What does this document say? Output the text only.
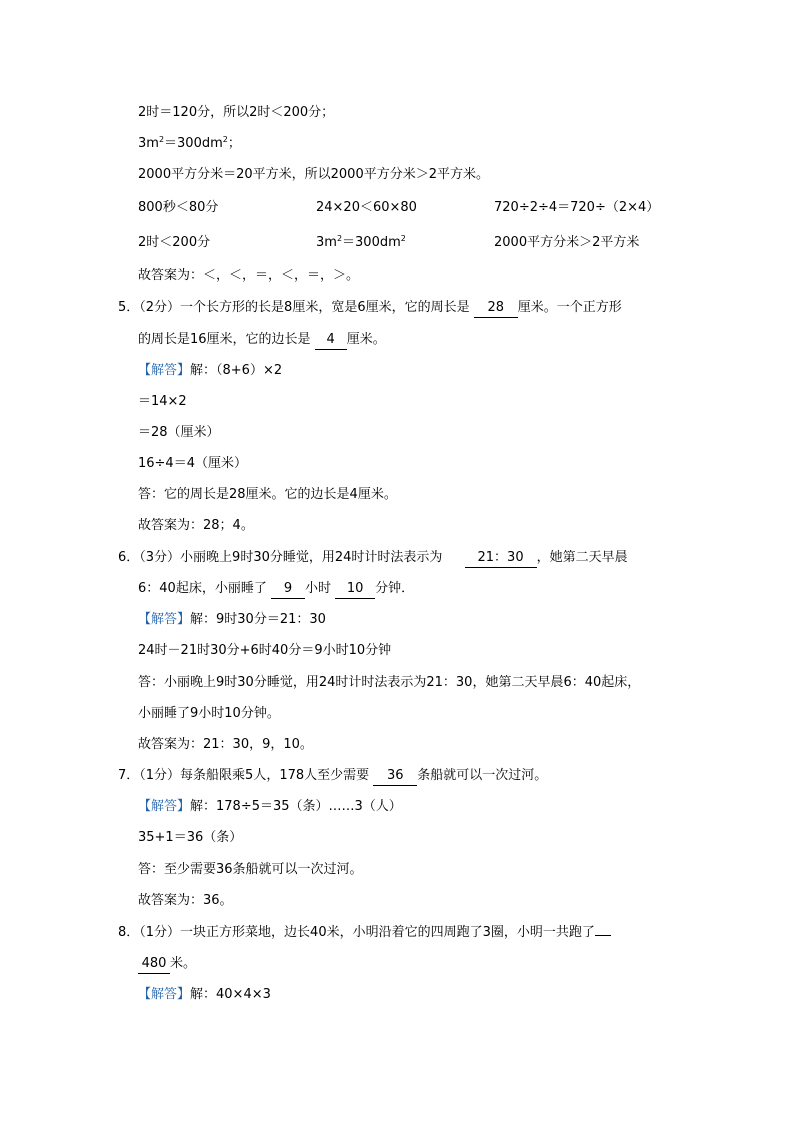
2时＝120分，所以2时＜200分；
$3m^2=300dm^2$；
2000平方分米＝20平方米，所以2000平方分米＞2平方米。
800秒＜80分	24×20＜60×80	720÷2÷4＝720÷（2×4）
2时＜200分	$3m^2=300dm^2$	2000平方分米＞2平方米
故答案为：＜，＜，＝，＜，＝，＞。
5．（2分）一个长方形的长是8厘米，宽是6厘米，它的周长是 28 厘米。一个正方形
的周长是16厘米，它的边长是 4 厘米。
【解答】解：（8+6）×2
＝14×2
＝28（厘米）
16÷4＝4（厘米）
答：它的周长是28厘米。它的边长是4厘米。
故答案为：28；4。
6．（3分）小丽晚上9时30分睡觉，用24时计时法表示为	21：30 ，她第二天早晨
6：40起床，小丽睡了 9 小时 10 分钟．
【解答】解：9时30分＝21：30
24时－21时30分+6时40分＝9小时10分钟
答：小丽晚上9时30分睡觉，用24时计时法表示为21：30，她第二天早晨6：40起床，
小丽睡了9小时10分钟。
故答案为：21：30，9，10。
7．（1分）每条船限乘5人，178人至少需要 36 条船就可以一次过河。
【解答】解：178÷5＝35（条）……3（人）
35+1＝36（条）
答：至少需要36条船就可以一次过河。
故答案为：36。
8．（1分）一块正方形菜地，边长40米，小明沿着它的四周跑了3圈，小明一共跑了
480 米。
【解答】解：40×4×3
